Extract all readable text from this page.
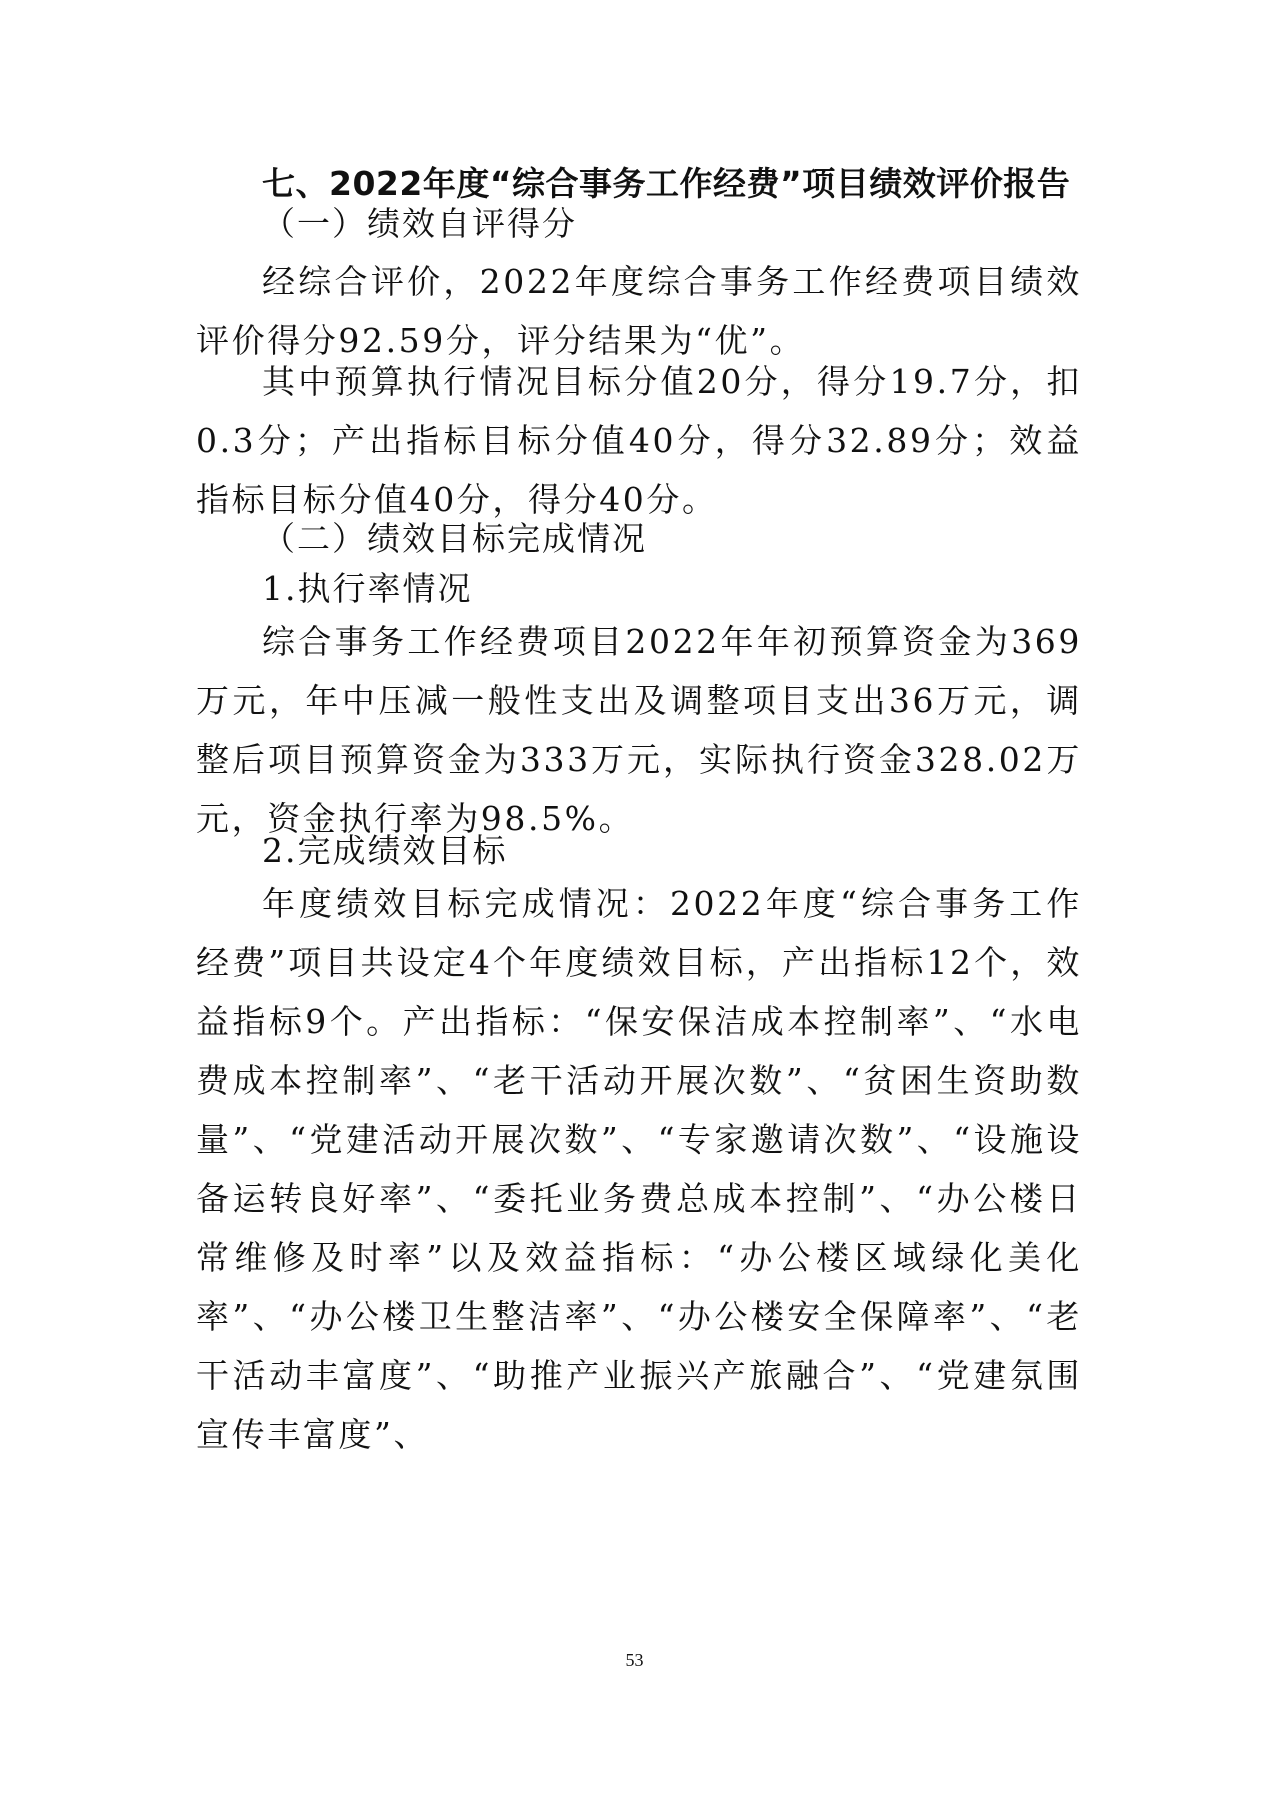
七、2022年度“综合事务工作经费”项目绩效评价报告
（一）绩效自评得分

经综合评价，2022年度综合事务工作经费项目绩效评价得分92.59分，评分结果为“优”。

其中预算执行情况目标分值20分，得分19.7分，扣0.3分；产出指标目标分值40分，得分32.89分；效益指标目标分值40分，得分40分。

（二）绩效目标完成情况
1.执行率情况

综合事务工作经费项目2022年年初预算资金为369万元，年中压减一般性支出及调整项目支出36万元，调整后项目预算资金为333万元，实际执行资金328.02万元，资金执行率为98.5%。

2.完成绩效目标

年度绩效目标完成情况：2022年度“综合事务工作经费”项目共设定4个年度绩效目标，产出指标12个，效益指标9个。产出指标：“保安保洁成本控制率”、“水电费成本控制率”、“老干活动开展次数”、“贫困生资助数量”、“党建活动开展次数”、“专家邀请次数”、“设施设备运转良好率”、“委托业务费总成本控制”、“办公楼日常维修及时率”以及效益指标：“办公楼区域绿化美化率”、“办公楼卫生整洁率”、“办公楼安全保障率”、“老干活动丰富度”、“助推产业振兴产旅融合”、“党建氛围宣传丰富度”、

53
